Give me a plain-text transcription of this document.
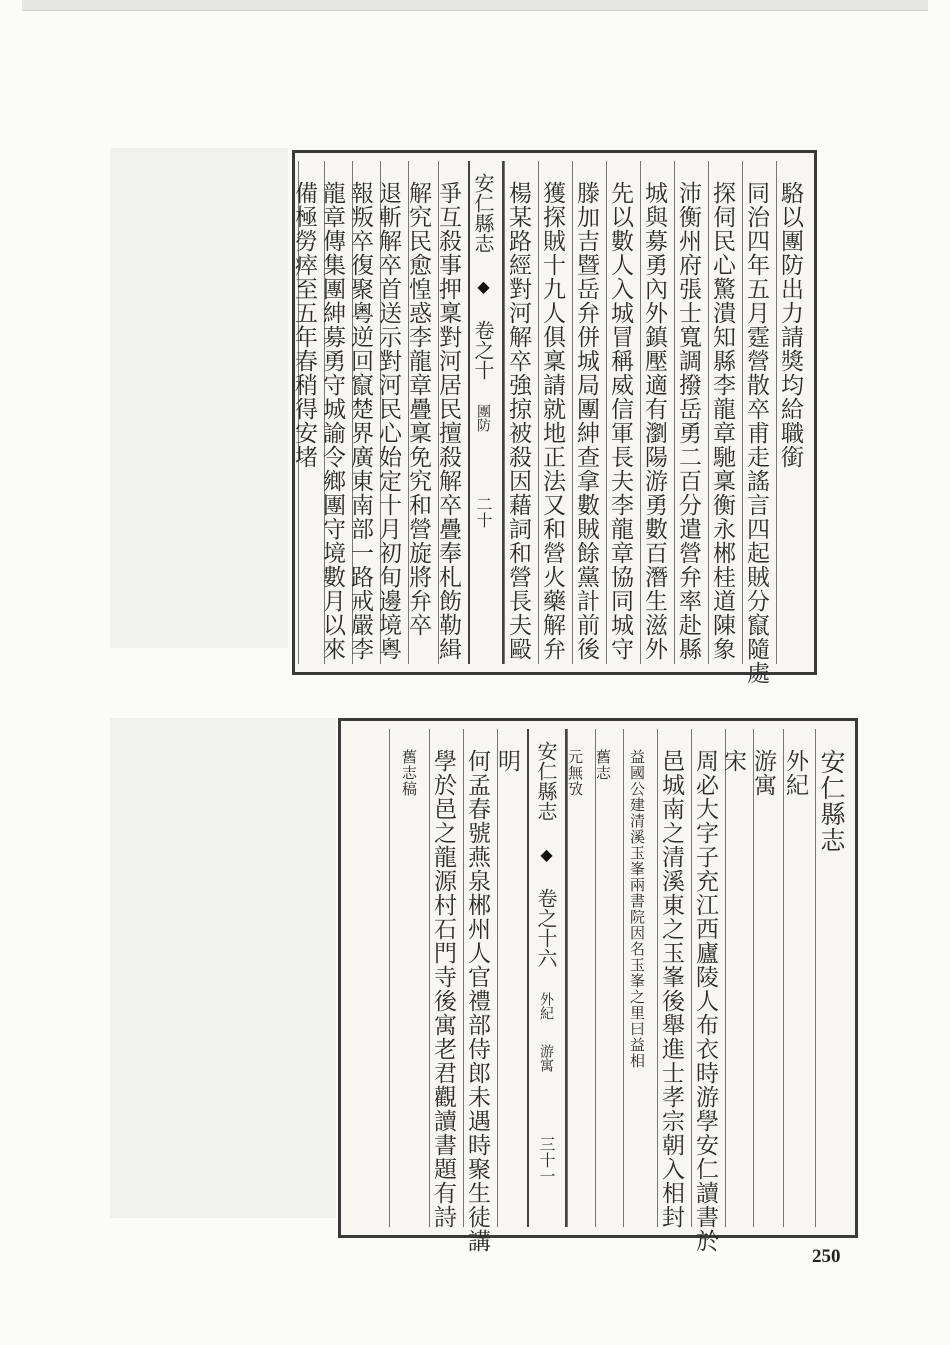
駱以團防出力請獎均給職銜
同治四年五月霆營散卒甫走謠言四起賊分竄隨處
探伺民心驚潰知縣李龍章馳稟衡永郴桂道陳象
沛衡州府張士寬調撥岳勇二百分遣營弁率赴縣
城與募勇內外鎮壓適有瀏陽游勇數百潛生滋外
先以數人入城冒稱威信軍長夫李龍章協同城守
滕加吉暨岳弁併城局團紳查拿數賊餘黨計前後
獲探賊十九人俱稟請就地正法又和營火藥解弁
楊某路經對河解卒強掠被殺因藉詞和營長夫毆
安仁縣志 ◆ 卷之十 團防 二十
爭互殺事押稟對河居民擅殺解卒疊奉札飭勒緝
解究民愈惶惑李龍章疊稟免究和營旋將弁卒
退斬解卒首送示對河民心始定十月初旬邊境粵
報叛卒復聚粵逆回竄楚界廣東南部一路戒嚴李
龍章傳集團紳募勇守城諭令鄉團守境數月以來
備極勞瘁至五年春稍得安堵
安仁縣志
外紀
游寓
宋
周必大字子充江西廬陵人布衣時游學安仁讀書於
邑城南之清溪東之玉峯後舉進士孝宗朝入相封
益國公建清溪玉峯兩書院因名玉峯之里曰益相
舊志
元無攷
安仁縣志 ◆ 卷之十六 外紀 游寓 三十一
明
何孟春號燕泉郴州人官禮部侍郎未遇時聚生徒講
學於邑之龍源村石門寺後寓老君觀讀書題有詩
舊志稿
250
